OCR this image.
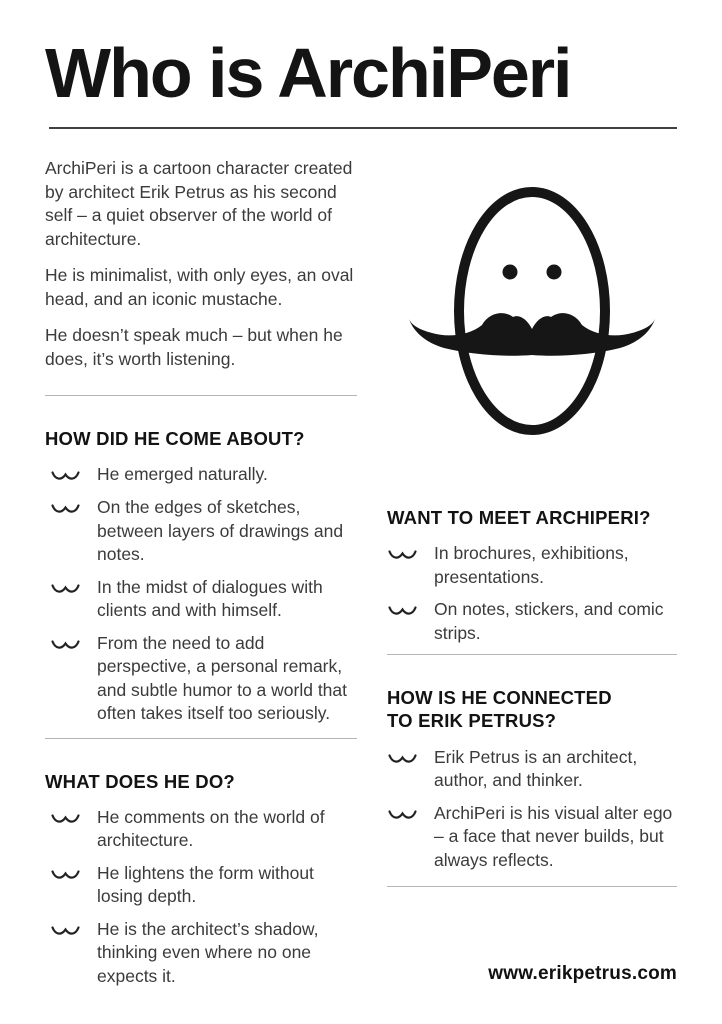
Who is ArchiPeri

ArchiPeri is a cartoon character created by architect Erik Petrus as his second self – a quiet observer of the world of architecture.

He is minimalist, with only eyes, an oval head, and an iconic mustache.

He doesn’t speak much – but when he does, it’s worth listening.

HOW DID HE COME ABOUT?
He emerged naturally.
On the edges of sketches, between layers of drawings and notes.
In the midst of dialogues with clients and with himself.
From the need to add perspective, a personal remark, and subtle humor to a world that often takes itself too seriously.
WHAT DOES HE DO?
He comments on the world of architecture.
He lightens the form without losing depth.
He is the architect’s shadow, thinking even where no one expects it.
WANT TO MEET ARCHIPERI?
In brochures, exhibitions, presentations.
On notes, stickers, and comic strips.
HOW IS HE CONNECTED TO ERIK PETRUS?
Erik Petrus is an architect, author, and thinker.
ArchiPeri is his visual alter ego – a face that never builds, but always reflects.
www.erikpetrus.com
